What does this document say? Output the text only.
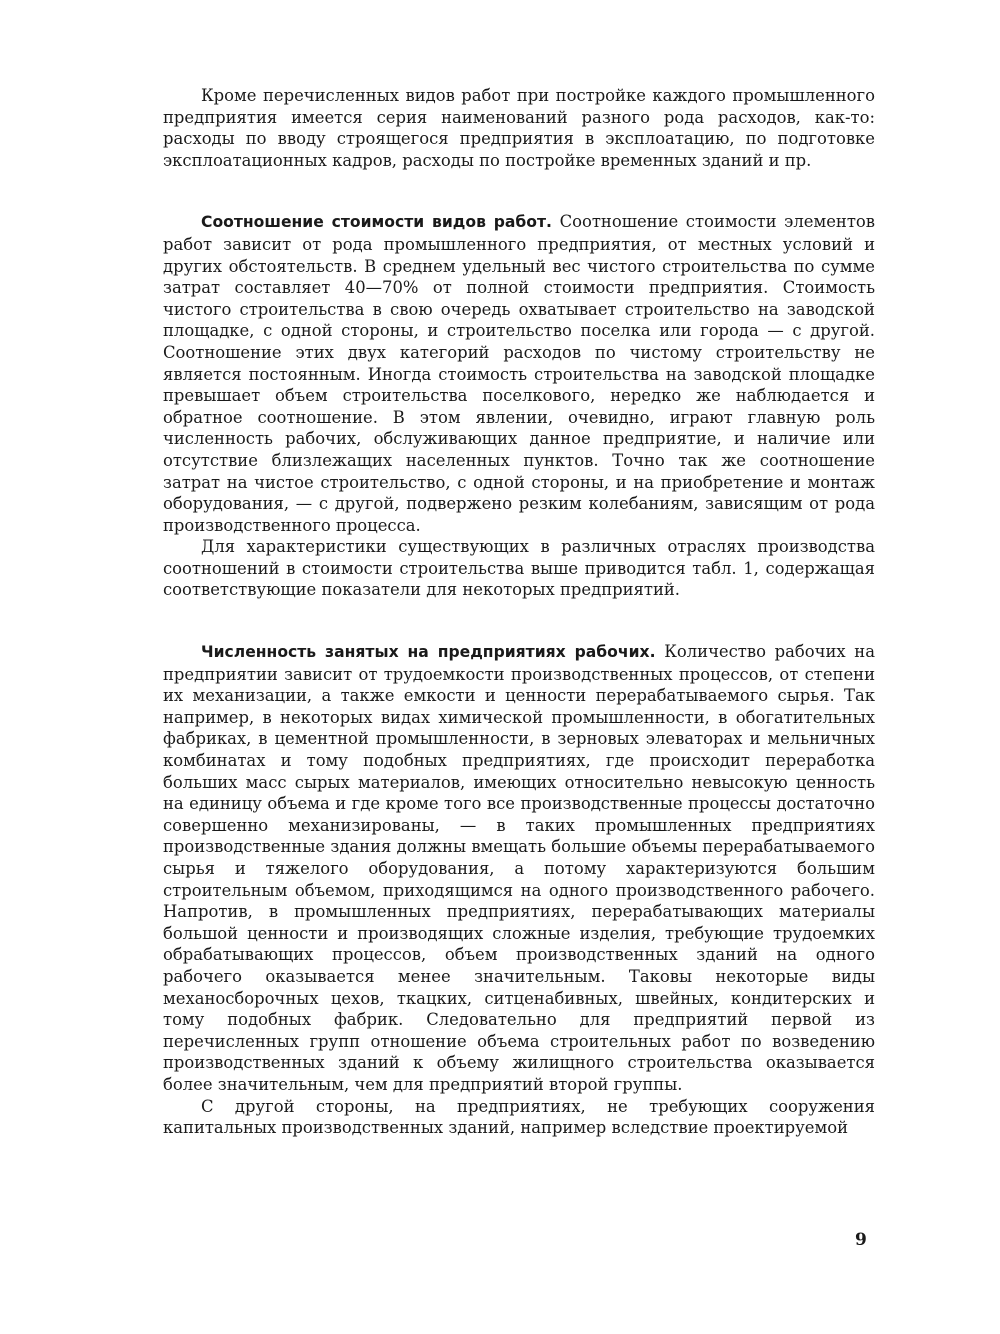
Кроме перечисленных видов работ при постройке каждого промышленного предприятия имеется серия наименований разного рода расходов, как-то: расходы по вводу строящегося предприятия в эксплоатацию, по подготовке эксплоатационных кадров, расходы по постройке временных зданий и пр.

Соотношение стоимости видов работ. Соотношение стоимости элементов работ зависит от рода промышленного предприятия, от местных условий и других обстоятельств. В среднем удельный вес чистого строительства по сумме затрат составляет 40—70% от полной стоимости предприятия. Стоимость чистого строительства в свою очередь охватывает строительство на заводской площадке, с одной стороны, и строительство поселка или города — с другой. Соотношение этих двух категорий расходов по чистому строительству не является постоянным. Иногда стоимость строительства на заводской площадке превышает объем строительства поселкового, нередко же наблюдается и обратное соотношение. В этом явлении, очевидно, играют главную роль численность рабочих, обслуживающих данное предприятие, и наличие или отсутствие близлежащих населенных пунктов. Точно так же соотношение затрат на чистое строительство, с одной стороны, и на приобретение и монтаж оборудования, — с другой, подвержено резким колебаниям, зависящим от рода производственного процесса.

Для характеристики существующих в различных отраслях производства соотношений в стоимости строительства выше приводится табл. 1, содержащая соответствующие показатели для некоторых предприятий.

Численность занятых на предприятиях рабочих. Количество рабочих на предприятии зависит от трудоемкости производственных процессов, от степени их механизации, а также емкости и ценности перерабатываемого сырья. Так например, в некоторых видах химической промышленности, в обогатительных фабриках, в цементной промышленности, в зерновых элеваторах и мельничных комбинатах и тому подобных предприятиях, где происходит переработка больших масс сырых материалов, имеющих относительно невысокую ценность на единицу объема и где кроме того все производственные процессы достаточно совершенно механизированы, — в таких промышленных предприятиях производственные здания должны вмещать большие объемы перерабатываемого сырья и тяжелого оборудования, а потому характеризуются большим строительным объемом, приходящимся на одного производственного рабочего. Напротив, в промышленных предприятиях, перерабатывающих материалы большой ценности и производящих сложные изделия, требующие трудоемких обрабатывающих процессов, объем производственных зданий на одного рабочего оказывается менее значительным. Таковы некоторые виды механосборочных цехов, ткацких, ситценабивных, швейных, кондитерских и тому подобных фабрик. Следовательно для предприятий первой из перечисленных групп отношение объема строительных работ по возведению производственных зданий к объему жилищного строительства оказывается более значительным, чем для предприятий второй группы.

С другой стороны, на предприятиях, не требующих сооружения капитальных производственных зданий, например вследствие проектируемой

9
